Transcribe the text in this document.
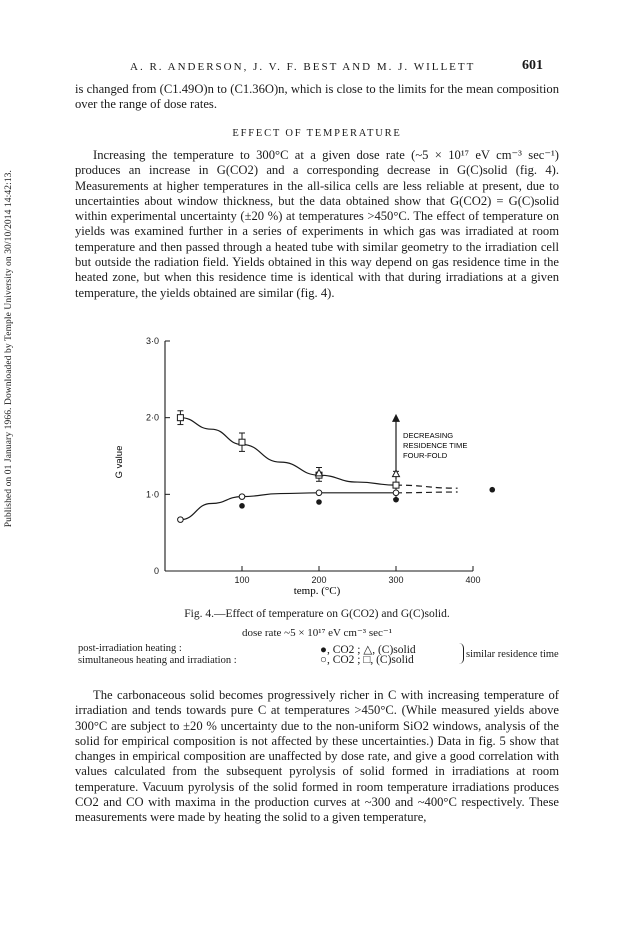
Published on 01 January 1966. Downloaded by Temple University on 30/10/2014 14:42:13.
A. R. ANDERSON, J. V. F. BEST AND M. J. WILLETT	601
is changed from (C1.49O)n to (C1.36O)n, which is close to the limits for the mean composition over the range of dose rates.
EFFECT OF TEMPERATURE
Increasing the temperature to 300°C at a given dose rate (~5 × 10¹⁷ eV cm⁻³ sec⁻¹) produces an increase in G(CO2) and a corresponding decrease in G(C)solid (fig. 4). Measurements at higher temperatures in the all-silica cells are less reliable at present, due to uncertainties about window thickness, but the data obtained show that G(CO2) = G(C)solid within experimental uncertainty (±20 %) at temperatures >450°C. The effect of temperature on yields was examined further in a series of experiments in which gas was irradiated at room temperature and then passed through a heated tube with similar geometry to the irradiation cell but outside the radiation field. Yields obtained in this way depend on gas residence time in the heated zone, but when this residence time is identical with that during irradiations at a given temperature, the yields obtained are similar (fig. 4).
100	200	300	400
0
1·0
2·0
3·0
G value
temp. (°C)
DECREASING
RESIDENCE TIME
FOUR-FOLD
Fig. 4.—Effect of temperature on G(CO2) and G(C)solid.
dose rate ~5 × 10¹⁷ eV cm⁻³ sec⁻¹
post-irradiation heating :	●, CO2 ; △, (C)solid
simultaneous heating and irradiation :	○, CO2 ; □, (C)solid	similar residence time
The carbonaceous solid becomes progressively richer in C with increasing temperature of irradiation and tends towards pure C at temperatures >450°C. (While measured yields above 300°C are subject to ±20 % uncertainty due to the non-uniform SiO2 windows, analysis of the solid for empirical composition is not affected by these uncertainties.) Data in fig. 5 show that changes in empirical composition are unaffected by dose rate, and give a good correlation with values calculated from the subsequent pyrolysis of solid formed in irradiations at room temperature. Vacuum pyrolysis of the solid formed in room temperature irradiations produces CO2 and CO with maxima in the production curves at ~300 and ~400°C respectively. These measurements were made by heating the solid to a given temperature,
